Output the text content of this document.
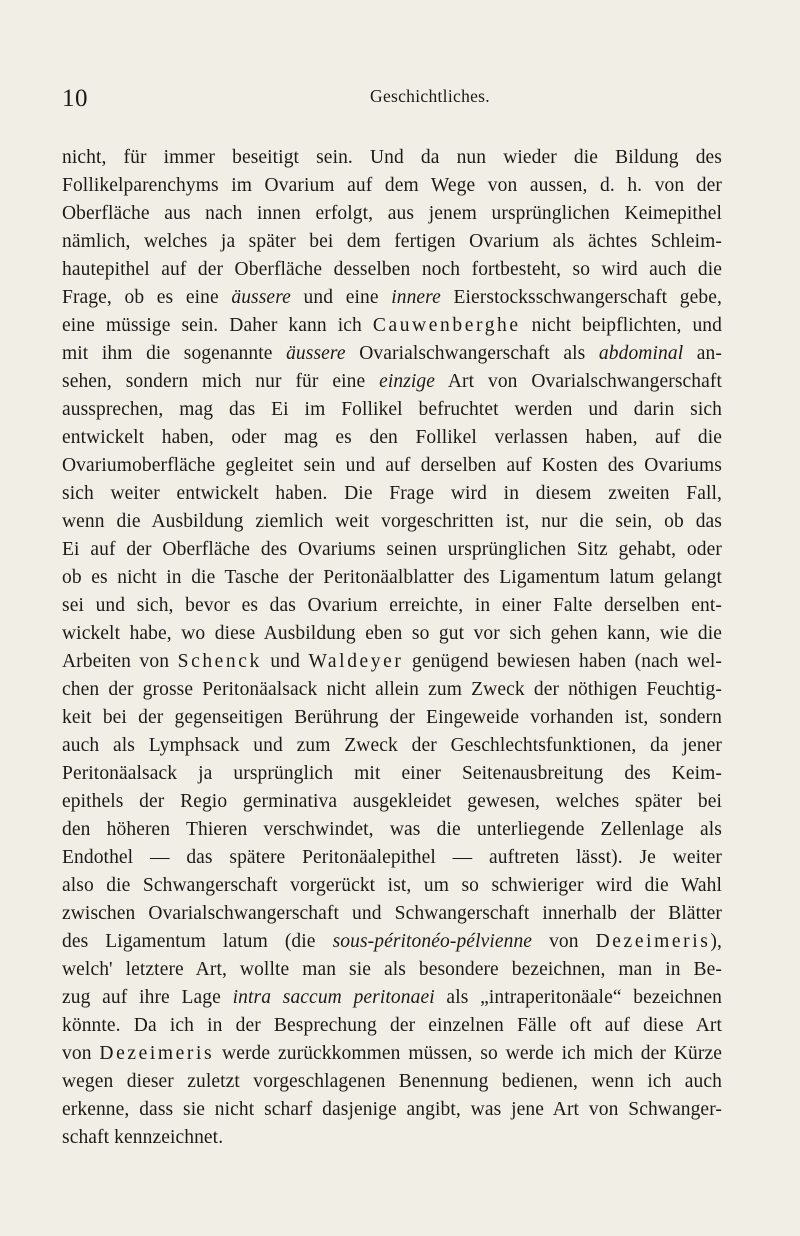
10	Geschichtliches.
nicht, für immer beseitigt sein. Und da nun wieder die Bildung des
Follikelparenchyms im Ovarium auf dem Wege von aussen, d. h. von der
Oberfläche aus nach innen erfolgt, aus jenem ursprünglichen Keimepithel
nämlich, welches ja später bei dem fertigen Ovarium als ächtes Schleim-
hautepithel auf der Oberfläche desselben noch fortbesteht, so wird auch die
Frage, ob es eine äussere und eine innere Eierstocksschwangerschaft gebe,
eine müssige sein. Daher kann ich Cauwenberghe nicht beipflichten, und
mit ihm die sogenannte äussere Ovarialschwangerschaft als abdominal an-
sehen, sondern mich nur für eine einzige Art von Ovarialschwangerschaft
aussprechen, mag das Ei im Follikel befruchtet werden und darin sich
entwickelt haben, oder mag es den Follikel verlassen haben, auf die
Ovariumoberfläche gegleitet sein und auf derselben auf Kosten des Ovariums
sich weiter entwickelt haben. Die Frage wird in diesem zweiten Fall,
wenn die Ausbildung ziemlich weit vorgeschritten ist, nur die sein, ob das
Ei auf der Oberfläche des Ovariums seinen ursprünglichen Sitz gehabt, oder
ob es nicht in die Tasche der Peritonäalblatter des Ligamentum latum gelangt
sei und sich, bevor es das Ovarium erreichte, in einer Falte derselben ent-
wickelt habe, wo diese Ausbildung eben so gut vor sich gehen kann, wie die
Arbeiten von Schenck und Waldeyer genügend bewiesen haben (nach wel-
chen der grosse Peritonäalsack nicht allein zum Zweck der nöthigen Feuchtig-
keit bei der gegenseitigen Berührung der Eingeweide vorhanden ist, sondern
auch als Lymphsack und zum Zweck der Geschlechtsfunktionen, da jener
Peritonäalsack ja ursprünglich mit einer Seitenausbreitung des Keim-
epithels der Regio germinativa ausgekleidet gewesen, welches später bei
den höheren Thieren verschwindet, was die unterliegende Zellenlage als
Endothel — das spätere Peritonäalepithel — auftreten lässt). Je weiter
also die Schwangerschaft vorgerückt ist, um so schwieriger wird die Wahl
zwischen Ovarialschwangerschaft und Schwangerschaft innerhalb der Blätter
des Ligamentum latum (die sous-péritonéo-pélvienne von Dezeimeris),
welch' letztere Art, wollte man sie als besondere bezeichnen, man in Be-
zug auf ihre Lage intra saccum peritonaei als „intraperitonäale“ bezeichnen
könnte. Da ich in der Besprechung der einzelnen Fälle oft auf diese Art
von Dezeimeris werde zurückkommen müssen, so werde ich mich der Kürze
wegen dieser zuletzt vorgeschlagenen Benennung bedienen, wenn ich auch
erkenne, dass sie nicht scharf dasjenige angibt, was jene Art von Schwanger-
schaft kennzeichnet.
